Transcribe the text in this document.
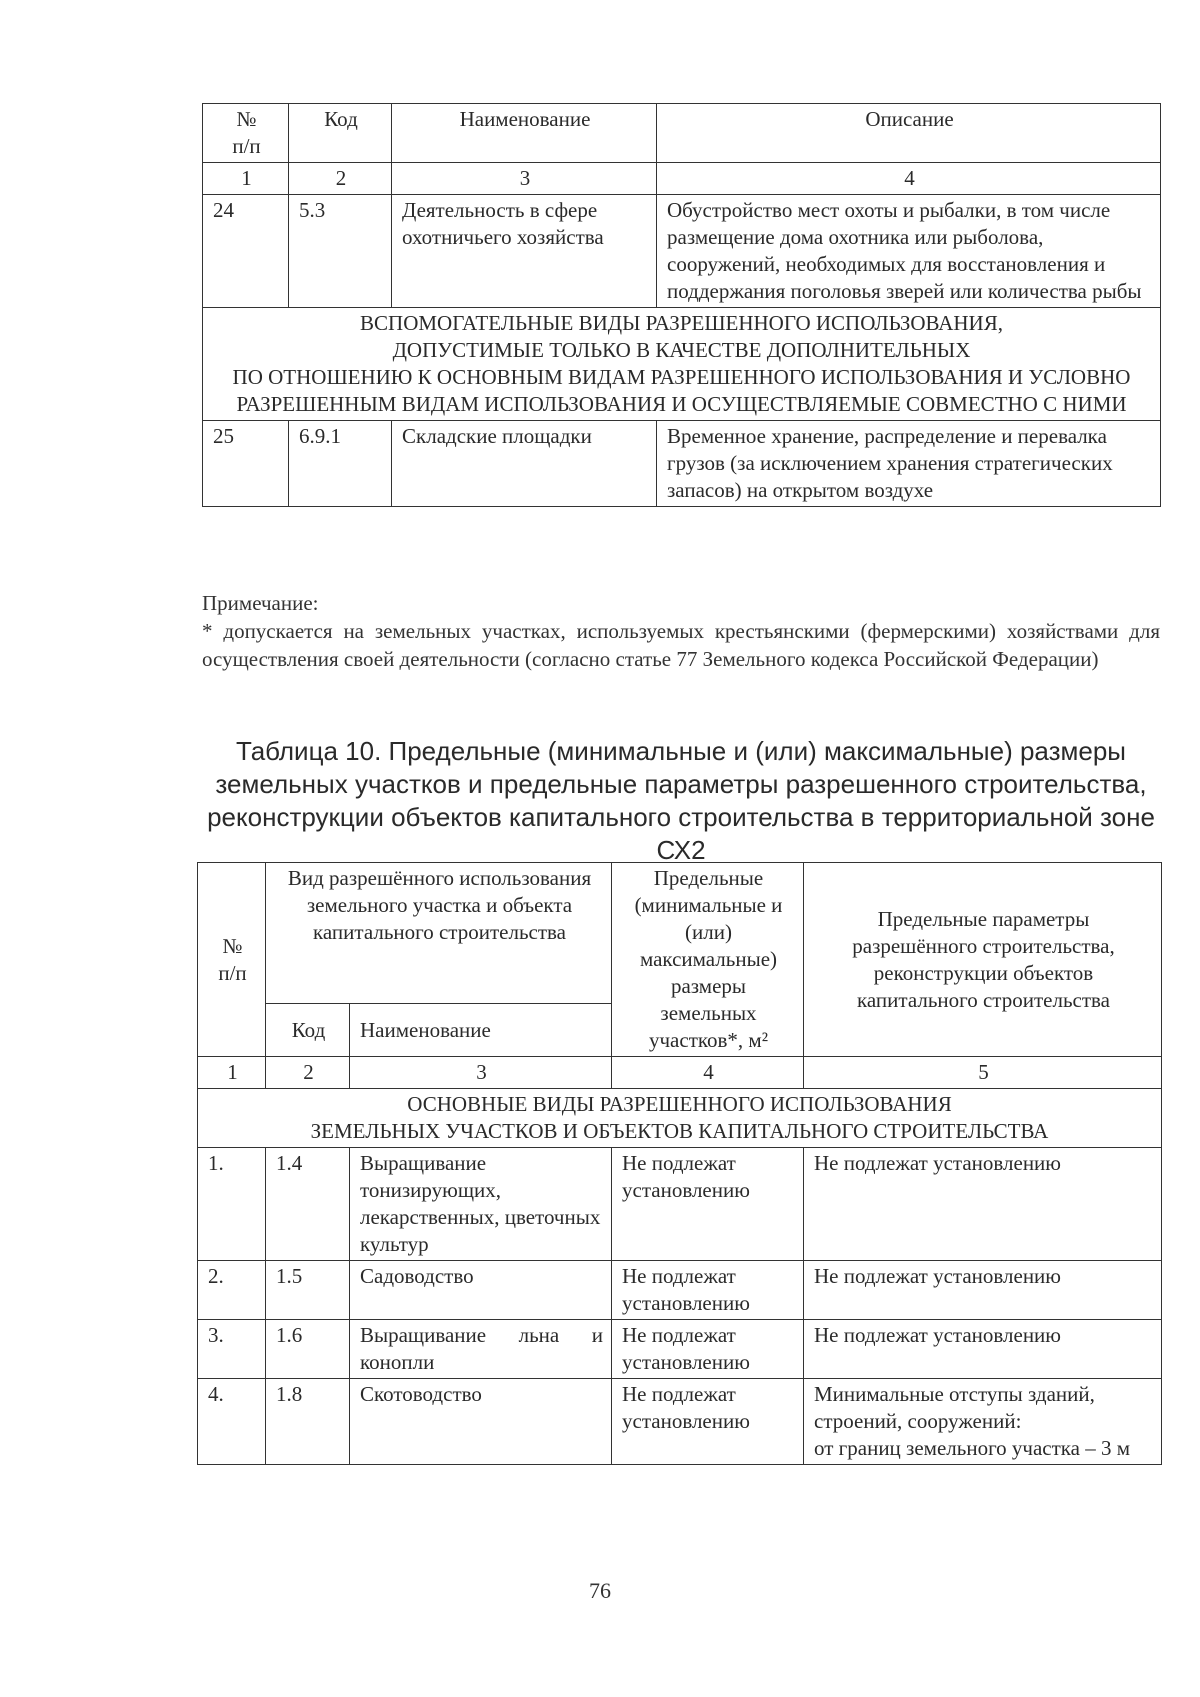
№
п/п	Код	Наименование	Описание
1	2	3	4
24	5.3	Деятельность в сфере охотничьего хозяйства	Обустройство мест охоты и рыбалки, в том числе размещение дома охотника или рыболова, сооружений, необходимых для восстановления и поддержания поголовья зверей или количества рыбы
ВСПОМОГАТЕЛЬНЫЕ ВИДЫ РАЗРЕШЕННОГО ИСПОЛЬЗОВАНИЯ,
ДОПУСТИМЫЕ ТОЛЬКО В КАЧЕСТВЕ ДОПОЛНИТЕЛЬНЫХ
ПО ОТНОШЕНИЮ К ОСНОВНЫМ ВИДАМ РАЗРЕШЕННОГО ИСПОЛЬЗОВАНИЯ И УСЛОВНО РАЗРЕШЕННЫМ ВИДАМ ИСПОЛЬЗОВАНИЯ И ОСУЩЕСТВЛЯЕМЫЕ СОВМЕСТНО С НИМИ			
25	6.9.1	Складские площадки	Временное хранение, распределение и перевалка грузов (за исключением хранения стратегических запасов) на открытом воздухе

Примечание:

* допускается на земельных участках, используемых крестьянскими (фермерскими) хозяйствами для осуществления своей деятельности (согласно статье 77 Земельного кодекса Российской Федерации)

Таблица 10. Предельные (минимальные и (или) максимальные) размеры земельных участков и предельные параметры разрешенного строительства, реконструкции объектов капитального строительства в территориальной зоне СХ2
№
п/п	Вид разрешённого использования земельного участка и объекта капитального строительства		Предельные (минимальные и (или) максимальные) размеры земельных участков*, м²	Предельные параметры разрешённого строительства, реконструкции объектов капитального строительства
	Код	Наименование		
1	2	3	4	5
ОСНОВНЫЕ ВИДЫ РАЗРЕШЕННОГО ИСПОЛЬЗОВАНИЯ
ЗЕМЕЛЬНЫХ УЧАСТКОВ И ОБЪЕКТОВ КАПИТАЛЬНОГО СТРОИТЕЛЬСТВА				
1.	1.4	Выращивание тонизирующих, лекарственных, цветочных культур	Не подлежат установлению	Не подлежат установлению
2.	1.5	Садоводство	Не подлежат установлению	Не подлежат установлению
3.	1.6	Выращивание льна и конопли	Не подлежат установлению	Не подлежат установлению
4.	1.8	Скотоводство	Не подлежат установлению	Минимальные отступы зданий, строений, сооружений:
от границ земельного участка – 3 м
76
